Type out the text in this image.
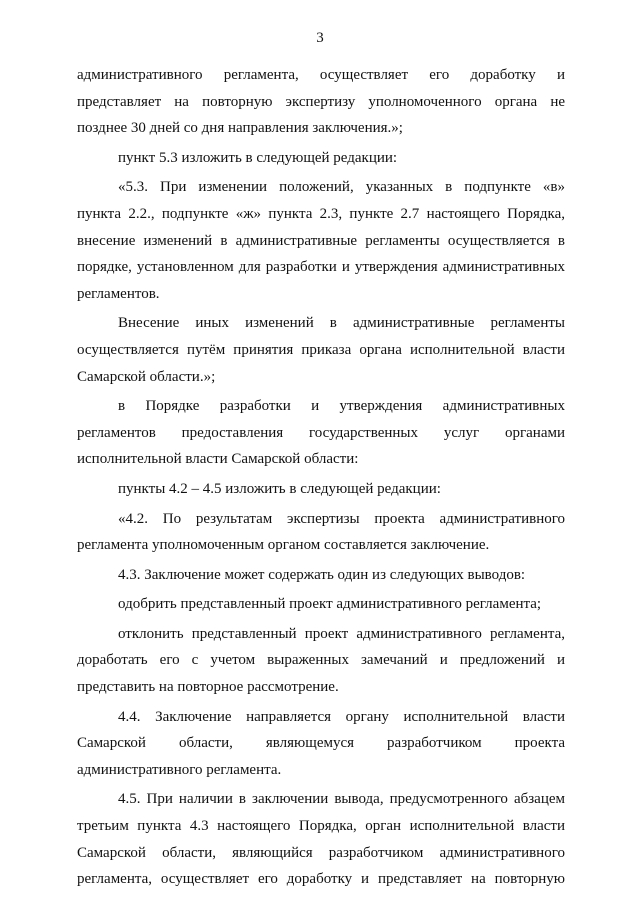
3
административного регламента, осуществляет его доработку и
представляет на повторную экспертизу уполномоченного органа не
позднее 30 дней со дня направления заключения.»;
пункт 5.3 изложить в следующей редакции:
«5.3. При изменении положений, указанных в подпункте «в»
пункта 2.2., подпункте «ж» пункта 2.3, пункте 2.7 настоящего Порядка,
внесение изменений в административные регламенты осуществляется в
порядке, установленном для разработки и утверждения административных
регламентов.
Внесение иных изменений в административные регламенты
осуществляется путём принятия приказа органа исполнительной власти
Самарской области.»;
в Порядке разработки и утверждения административных
регламентов предоставления государственных услуг органами
исполнительной власти Самарской области:
пункты 4.2 – 4.5 изложить в следующей редакции:
«4.2. По результатам экспертизы проекта административного
регламента уполномоченным органом составляется заключение.
4.3. Заключение может содержать один из следующих выводов:
одобрить представленный проект административного регламента;
отклонить представленный проект административного регламента,
доработать его с учетом выраженных замечаний и предложений и
представить на повторное рассмотрение.
4.4. Заключение направляется органу исполнительной власти
Самарской области, являющемуся разработчиком проекта
административного регламента.
4.5. При наличии в заключении вывода, предусмотренного абзацем
третьим пункта 4.3 настоящего Порядка, орган исполнительной власти
Самарской области, являющийся разработчиком административного
регламента, осуществляет его доработку и представляет на повторную
